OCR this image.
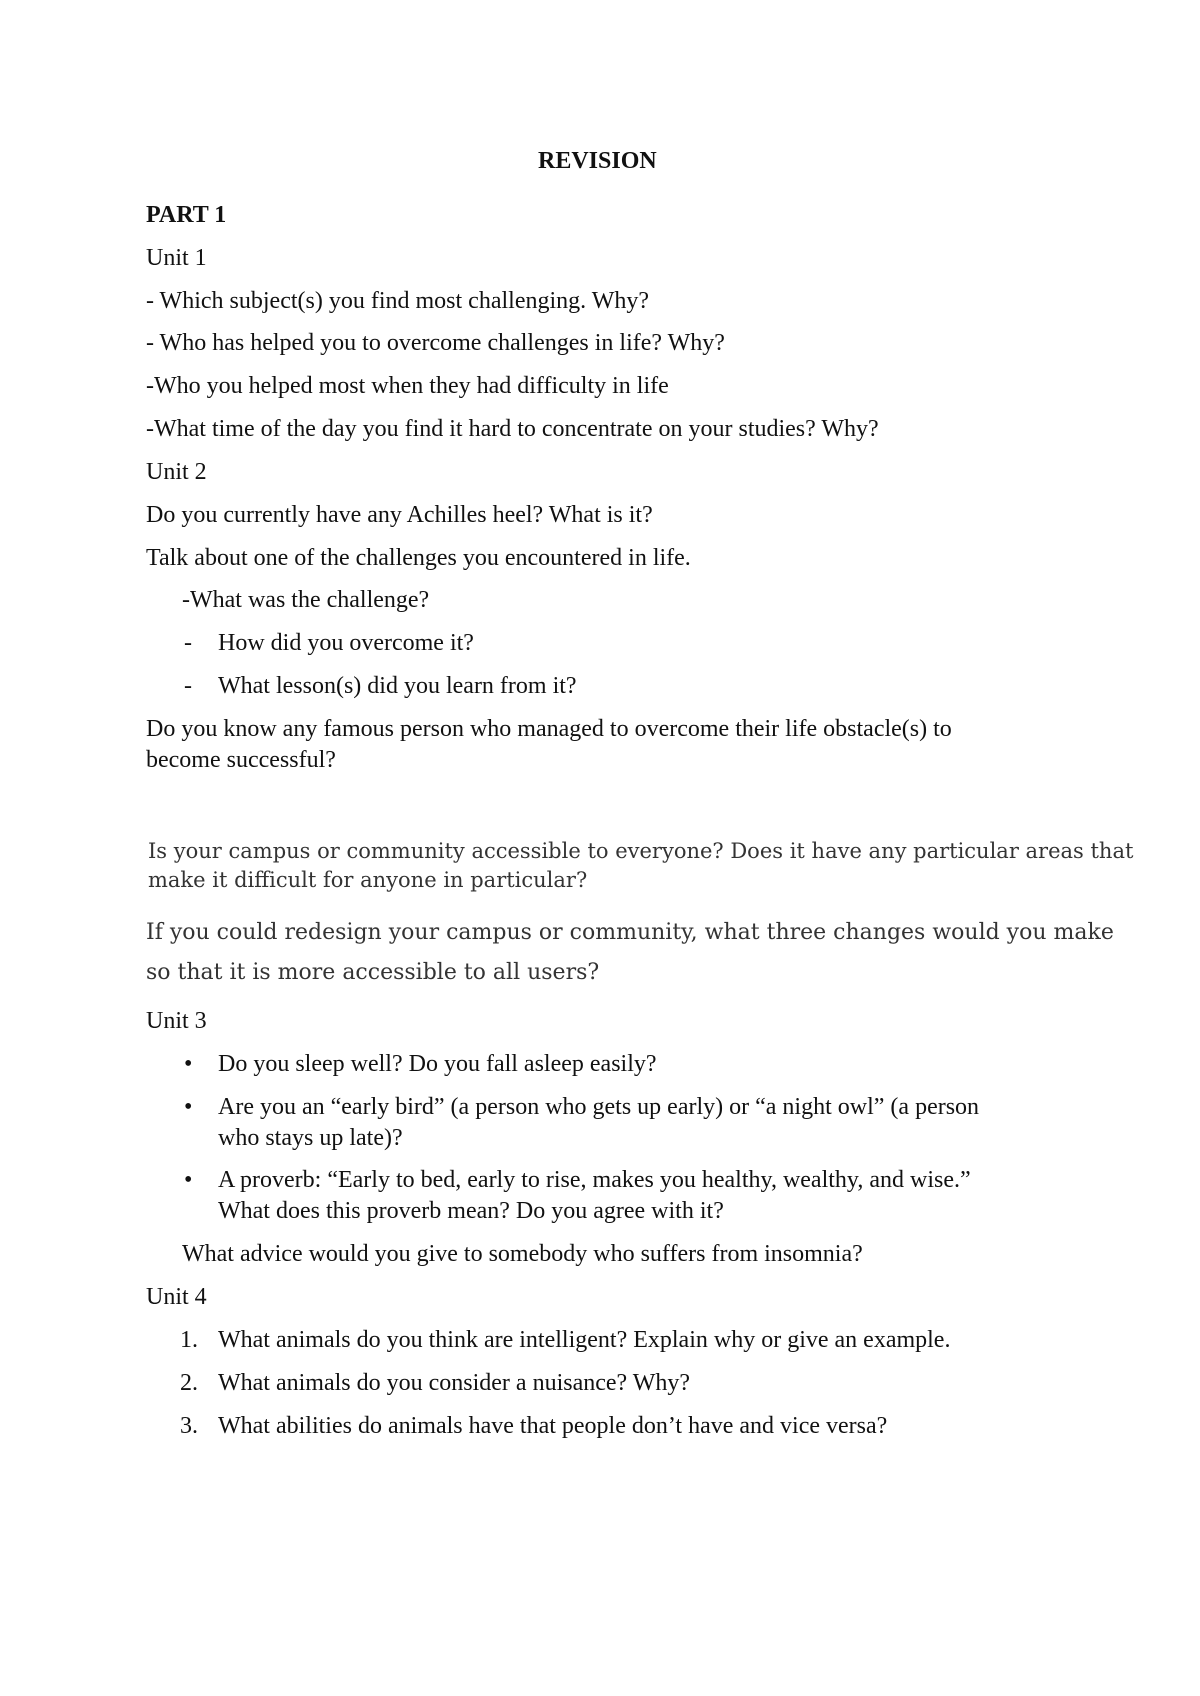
REVISION

PART 1

Unit 1

- Which subject(s) you find most challenging. Why?

- Who has helped you to overcome challenges in life? Why?

-Who you helped most when they had difficulty in life

-What time of the day you find it hard to concentrate on your studies? Why?

Unit 2

Do you currently have any Achilles heel? What is it?

Talk about one of the challenges you encountered in life.

-What was the challenge?

- How did you overcome it?

- What lesson(s) did you learn from it?

Do you know any famous person who managed to overcome their life obstacle(s) to

become successful?

Is your campus or community accessible to everyone? Does it have any particular areas that

make it difficult for anyone in particular?

If you could redesign your campus or community, what three changes would you make

so that it is more accessible to all users?

Unit 3

• Do you sleep well? Do you fall asleep easily?

• Are you an “early bird” (a person who gets up early) or “a night owl” (a person

who stays up late)?

• A proverb: “Early to bed, early to rise, makes you healthy, wealthy, and wise.”

What does this proverb mean? Do you agree with it?

What advice would you give to somebody who suffers from insomnia?

Unit 4

1. What animals do you think are intelligent? Explain why or give an example.

2. What animals do you consider a nuisance? Why?

3. What abilities do animals have that people don’t have and vice versa?
